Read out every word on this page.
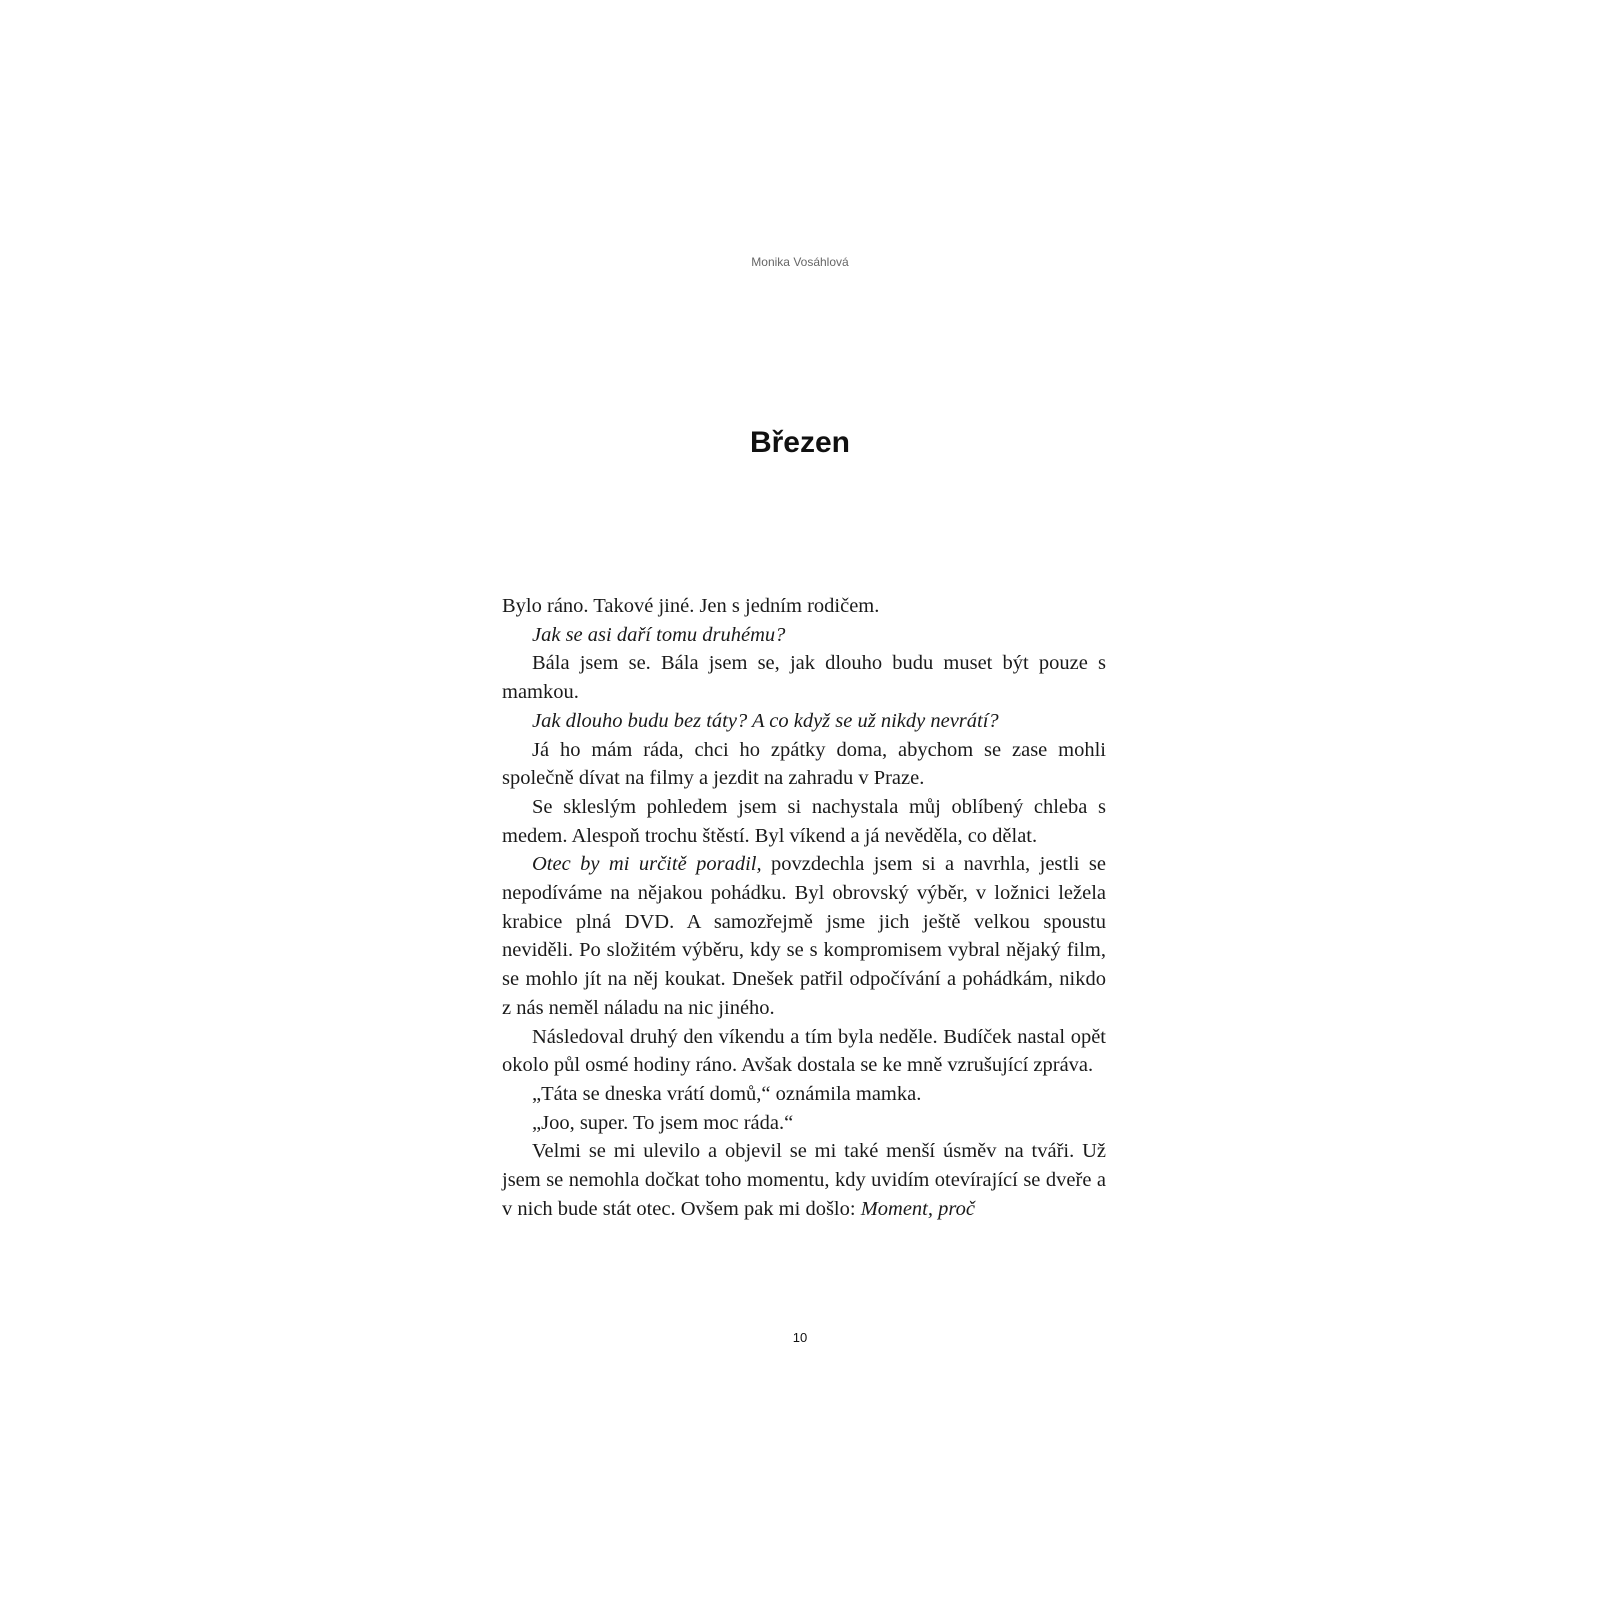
Monika Vosáhlová
Březen

Bylo ráno. Takové jiné. Jen s jedním rodičem.

Jak se asi daří tomu druhému?

Bála jsem se. Bála jsem se, jak dlouho budu muset být pouze s mamkou.

Jak dlouho budu bez táty? A co když se už nikdy nevrátí?

Já ho mám ráda, chci ho zpátky doma, abychom se zase mohli společně dívat na filmy a jezdit na zahradu v Praze.

Se skleslým pohledem jsem si nachystala můj oblíbený chleba s medem. Alespoň trochu štěstí. Byl víkend a já nevěděla, co dělat.

Otec by mi určitě poradil, povzdechla jsem si a navrhla, jestli se nepodíváme na nějakou pohádku. Byl obrovský výběr, v ložnici ležela krabice plná DVD. A samozřejmě jsme jich ještě velkou spoustu neviděli. Po složitém výběru, kdy se s kompromisem vybral nějaký film, se mohlo jít na něj koukat. Dnešek patřil odpočívání a pohádkám, nikdo z nás neměl náladu na nic jiného.

Následoval druhý den víkendu a tím byla neděle. Budíček nastal opět okolo půl osmé hodiny ráno. Avšak dostala se ke mně vzrušující zpráva.

„Táta se dneska vrátí domů,“ oznámila mamka.

„Joo, super. To jsem moc ráda.“

Velmi se mi ulevilo a objevil se mi také menší úsměv na tváři. Už jsem se nemohla dočkat toho momentu, kdy uvidím otevírající se dveře a v nich bude stát otec. Ovšem pak mi došlo: Moment, proč

10
